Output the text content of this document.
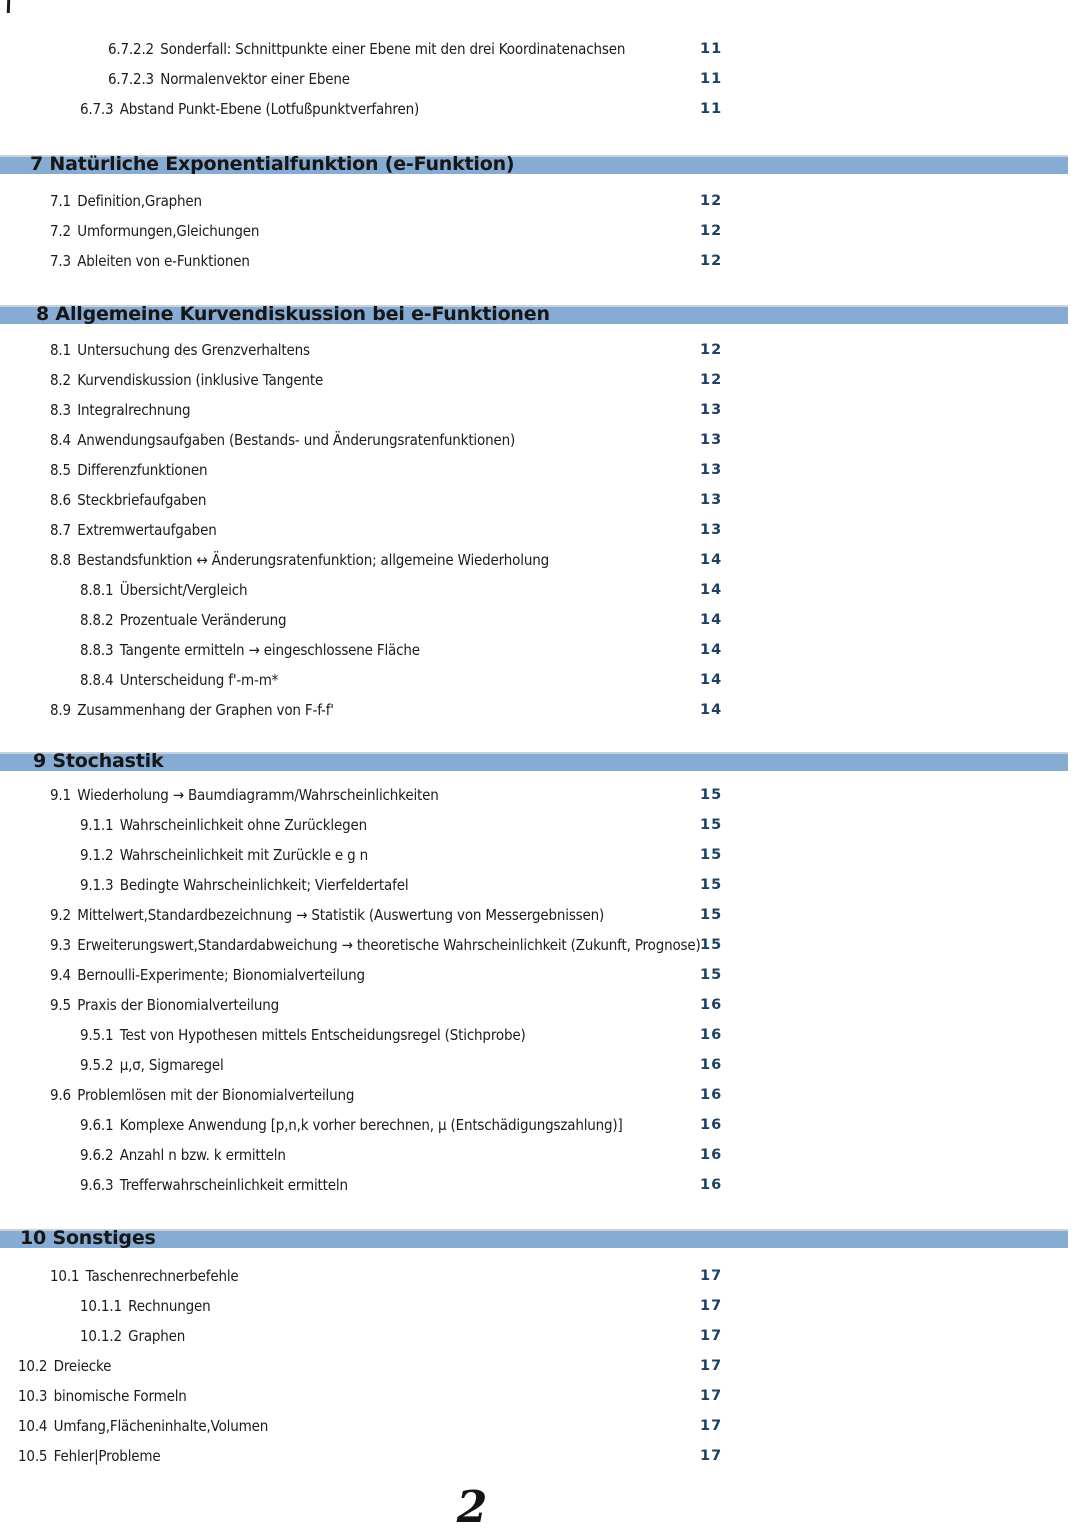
6.7.2.2 Sonderfall: Schnittpunkte einer Ebene mit den drei Koordinatenachsen	11
6.7.2.3 Normalenvektor einer Ebene	11
6.7.3 Abstand Punkt-Ebene (Lotfußpunktverfahren)	11
7 Natürliche Exponentialfunktion (e-Funktion)
7.1 Definition,Graphen	12
7.2 Umformungen,Gleichungen	12
7.3 Ableiten von e-Funktionen	12
8 Allgemeine Kurvendiskussion bei e-Funktionen
8.1 Untersuchung des Grenzverhaltens	12
8.2 Kurvendiskussion (inklusive Tangente	12
8.3 Integralrechnung	13
8.4 Anwendungsaufgaben (Bestands- und Änderungsratenfunktionen)	13
8.5 Differenzfunktionen	13
8.6 Steckbriefaufgaben	13
8.7 Extremwertaufgaben	13
8.8 Bestandsfunktion ↔ Änderungsratenfunktion; allgemeine Wiederholung	14
8.8.1 Übersicht/Vergleich	14
8.8.2 Prozentuale Veränderung	14
8.8.3 Tangente ermitteln → eingeschlossene Fläche	14
8.8.4 Unterscheidung f'-m-m*	14
8.9 Zusammenhang der Graphen von F-f-f'	14
9 Stochastik
9.1 Wiederholung → Baumdiagramm/Wahrscheinlichkeiten	15
9.1.1 Wahrscheinlichkeit ohne Zurücklegen	15
9.1.2 Wahrscheinlichkeit mit Zurückle e g n	15
9.1.3 Bedingte Wahrscheinlichkeit; Vierfeldertafel	15
9.2 Mittelwert,Standardbezeichnung → Statistik (Auswertung von Messergebnissen)	15
9.3 Erweiterungswert,Standardabweichung → theoretische Wahrscheinlichkeit (Zukunft, Prognose) 15
9.4 Bernoulli-Experimente; Bionomialverteilung	15
9.5 Praxis der Bionomialverteilung	16
9.5.1 Test von Hypothesen mittels Entscheidungsregel (Stichprobe)	16
9.5.2 μ,σ, Sigmaregel	16
9.6 Problemlösen mit der Bionomialverteilung	16
9.6.1 Komplexe Anwendung [p,n,k vorher berechnen, μ (Entschädigungszahlung)]	16
9.6.2 Anzahl n bzw. k ermitteln	16
9.6.3 Trefferwahrscheinlichkeit ermitteln	16
10 Sonstiges
10.1 Taschenrechnerbefehle	17
10.1.1 Rechnungen	17
10.1.2 Graphen	17
10.2 Dreiecke	17
10.3 binomische Formeln	17
10.4 Umfang,Flächeninhalte,Volumen	17
10.5 Fehler|Probleme	17
2
